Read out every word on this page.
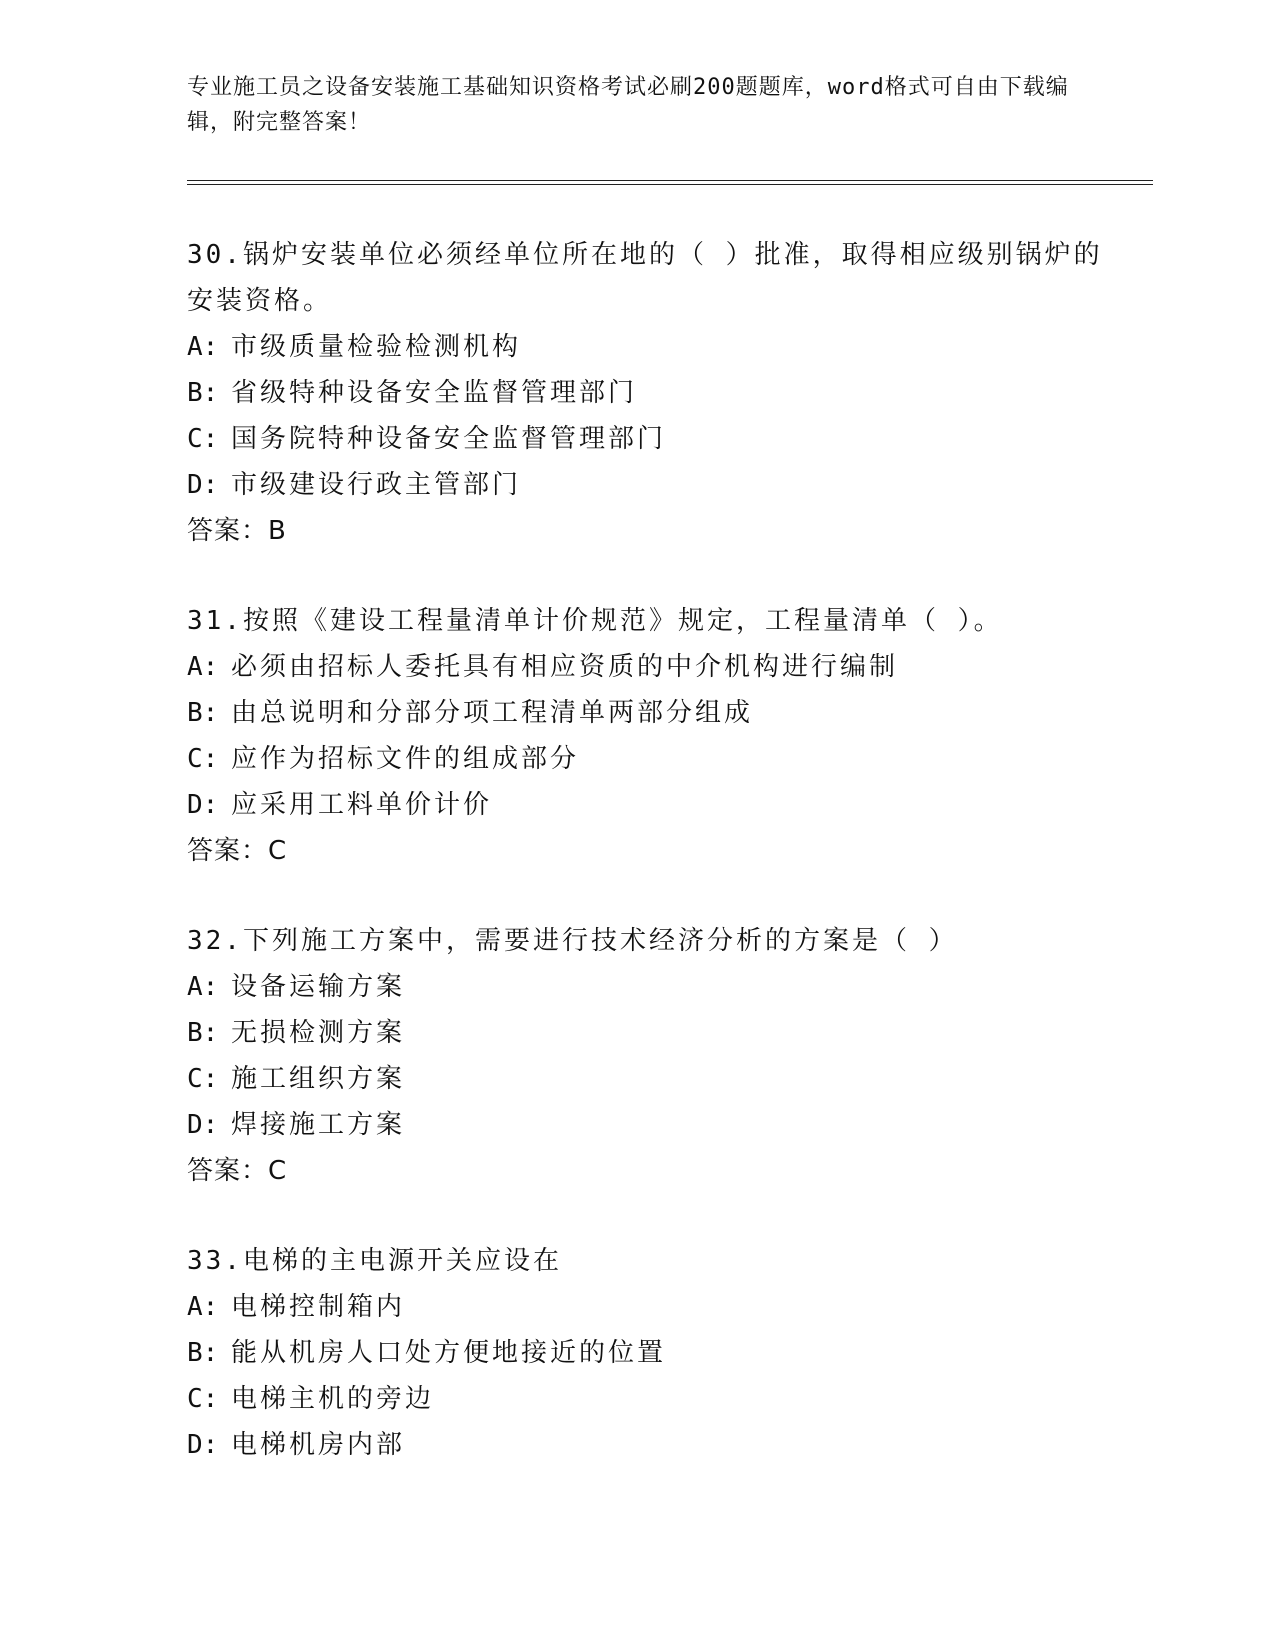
专业施工员之设备安装施工基础知识资格考试必刷200题题库，word格式可自由下载编辑，附完整答案！

30.锅炉安装单位必须经单位所在地的（ ）批准，取得相应级别锅炉的安装资格。

A: 市级质量检验检测机构

B: 省级特种设备安全监督管理部门

C: 国务院特种设备安全监督管理部门

D: 市级建设行政主管部门

答案：B

31.按照《建设工程量清单计价规范》规定，工程量清单（ ）。

A: 必须由招标人委托具有相应资质的中介机构进行编制

B: 由总说明和分部分项工程清单两部分组成

C: 应作为招标文件的组成部分

D: 应采用工料单价计价

答案：C

32.下列施工方案中，需要进行技术经济分析的方案是（ ）

A: 设备运输方案

B: 无损检测方案

C: 施工组织方案

D: 焊接施工方案

答案：C

33.电梯的主电源开关应设在

A: 电梯控制箱内

B: 能从机房人口处方便地接近的位置

C: 电梯主机的旁边

D: 电梯机房内部
